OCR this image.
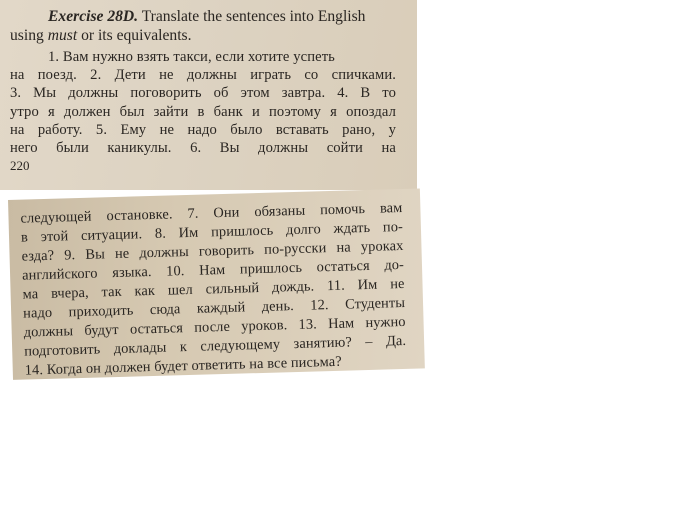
Exercise 28D. Translate the sentences into English
using must or its equivalents.
1. Вам нужно взять такси, если хотите успеть
на поезд. 2. Дети не должны играть со спичками.
3. Мы должны поговорить об этом завтра. 4. В то
утро я должен был зайти в банк и поэтому я опоздал
на работу. 5. Ему не надо было вставать рано, у
него были каникулы. 6. Вы должны сойти на
220
следующей остановке. 7. Они обязаны помочь вам
в этой ситуации. 8. Им пришлось долго ждать по-
езда? 9. Вы не должны говорить по-русски на уроках
английского языка. 10. Нам пришлось остаться до-
ма вчера, так как шел сильный дождь. 11. Им не
надо приходить сюда каждый день. 12. Студенты
должны будут остаться после уроков. 13. Нам нужно
подготовить доклады к следующему занятию? – Да.
14. Когда он должен будет ответить на все письма?
